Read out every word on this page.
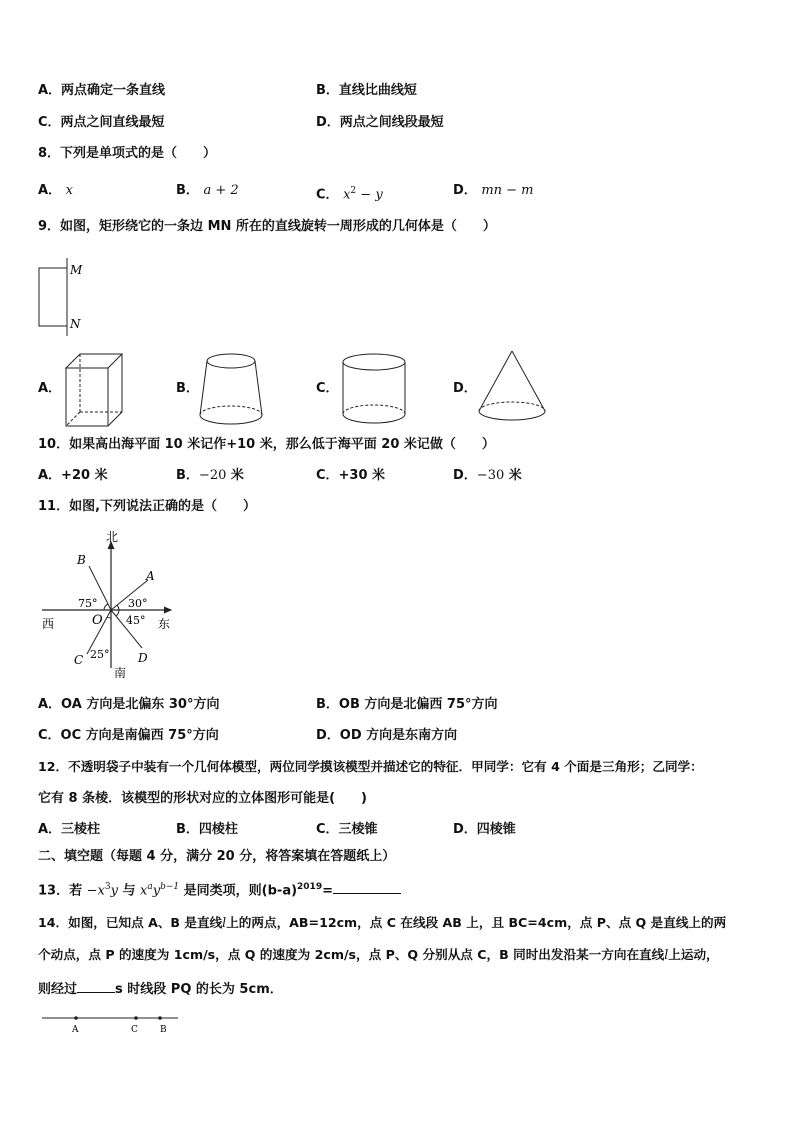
A．两点确定一条直线	B．直线比曲线短
C．两点之间直线最短	D．两点之间线段最短
8．下列是单项式的是（　　）
A． x	B． a + 2	C． $x^2 - y$	D． mn − m
9．如图，矩形绕它的一条边 MN 所在的直线旋转一周形成的几何体是（　　）
M
N
A．	B．	C．	D．
10．如果高出海平面 10 米记作+10 米，那么低于海平面 20 米记做（　　）
A．+20 米	B．−20 米	C．+30 米	D．−30 米
11．如图,下列说法正确的是（　　）
北
西	东
南
O
A
B
C	D
75°	30°
45°
25°
A．OA 方向是北偏东 30°方向	B．OB 方向是北偏西 75°方向
C．OC 方向是南偏西 75°方向	D．OD 方向是东南方向
12．不透明袋子中装有一个几何体模型，两位同学摸该模型并描述它的特征．甲同学：它有 4 个面是三角形；乙同学：
它有 8 条棱．该模型的形状对应的立体图形可能是(　　)
A．三棱柱	B．四棱柱	C．三棱锥	D．四棱锥
二、填空题（每题 4 分，满分 20 分，将答案填在答题纸上）
13．若 $-x^3y$ 与 $x^ay^{b-1}$ 是同类项，则$(b-a)^{2019}=$
14．如图，已知点 A、B 是直线l上的两点，AB=12cm，点 C 在线段 AB 上，且 BC=4cm，点 P、点 Q 是直线上的两
个动点，点 P 的速度为 1cm/s，点 Q 的速度为 2cm/s，点 P、Q 分别从点 C，B 同时出发沿某一方向在直线l上运动，
则经过	s 时线段 PQ 的长为 5cm．
A	C B
